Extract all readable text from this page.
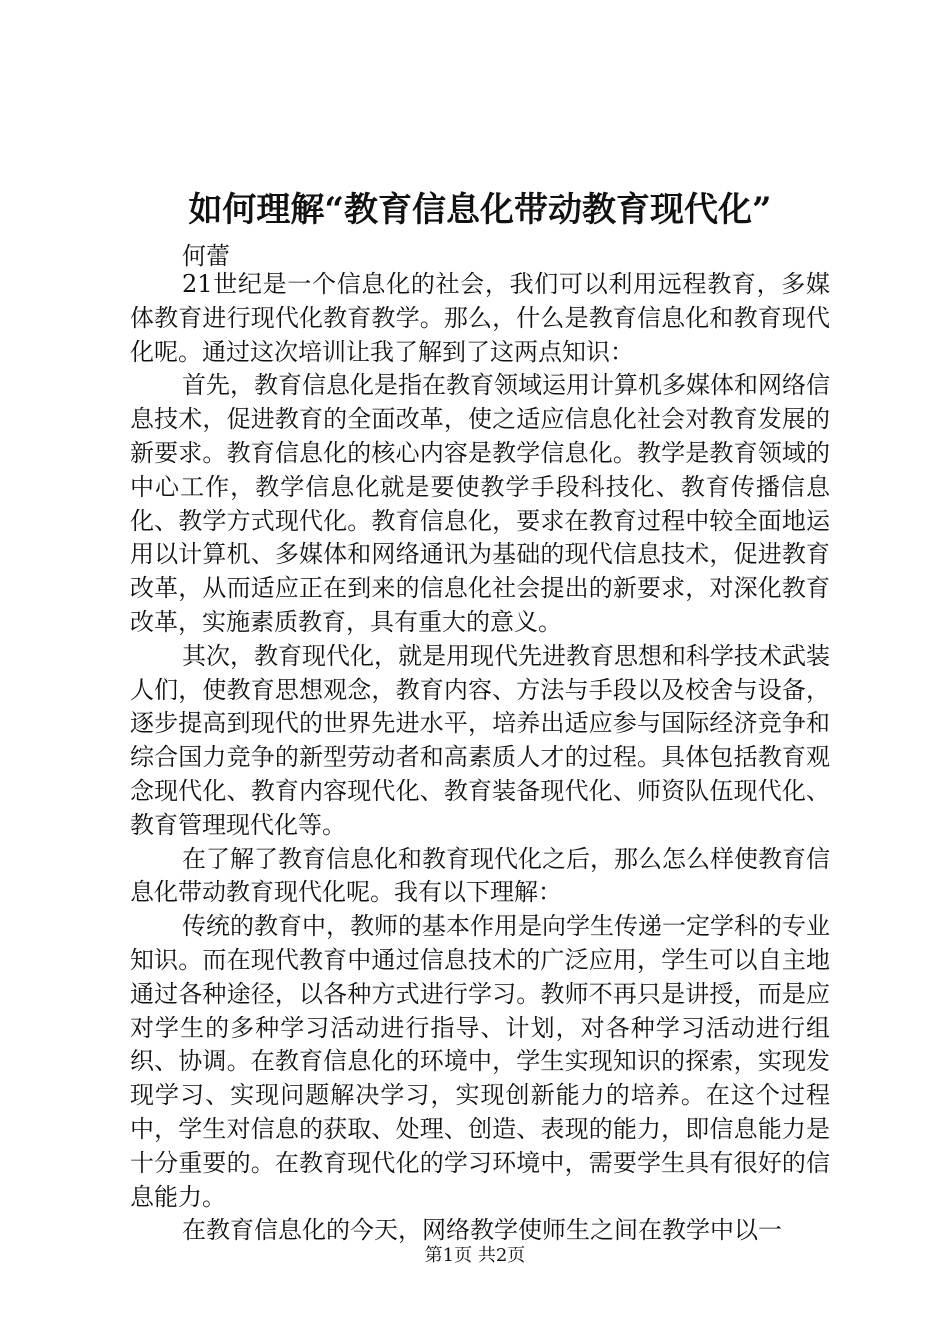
如何理解“教育信息化带动教育现代化”
何蕾

21世纪是一个信息化的社会，我们可以利用远程教育，多媒体教育进行现代化教育教学。那么，什么是教育信息化和教育现代化呢。通过这次培训让我了解到了这两点知识：

首先，教育信息化是指在教育领域运用计算机多媒体和网络信息技术，促进教育的全面改革，使之适应信息化社会对教育发展的新要求。教育信息化的核心内容是教学信息化。教学是教育领域的中心工作，教学信息化就是要使教学手段科技化、教育传播信息化、教学方式现代化。教育信息化，要求在教育过程中较全面地运用以计算机、多媒体和网络通讯为基础的现代信息技术，促进教育改革，从而适应正在到来的信息化社会提出的新要求，对深化教育改革，实施素质教育，具有重大的意义。

其次，教育现代化，就是用现代先进教育思想和科学技术武装人们，使教育思想观念，教育内容、方法与手段以及校舍与设备，逐步提高到现代的世界先进水平，培养出适应参与国际经济竞争和综合国力竞争的新型劳动者和高素质人才的过程。具体包括教育观念现代化、教育内容现代化、教育装备现代化、师资队伍现代化、教育管理现代化等。

在了解了教育信息化和教育现代化之后，那么怎么样使教育信息化带动教育现代化呢。我有以下理解：

传统的教育中，教师的基本作用是向学生传递一定学科的专业知识。而在现代教育中通过信息技术的广泛应用，学生可以自主地通过各种途径，以各种方式进行学习。教师不再只是讲授，而是应对学生的多种学习活动进行指导、计划，对各种学习活动进行组织、协调。在教育信息化的环境中，学生实现知识的探索，实现发现学习、实现问题解决学习，实现创新能力的培养。在这个过程中，学生对信息的获取、处理、创造、表现的能力，即信息能力是十分重要的。在教育现代化的学习环境中，需要学生具有很好的信息能力。

在教育信息化的今天，网络教学使师生之间在教学中以一

第1页 共2页
